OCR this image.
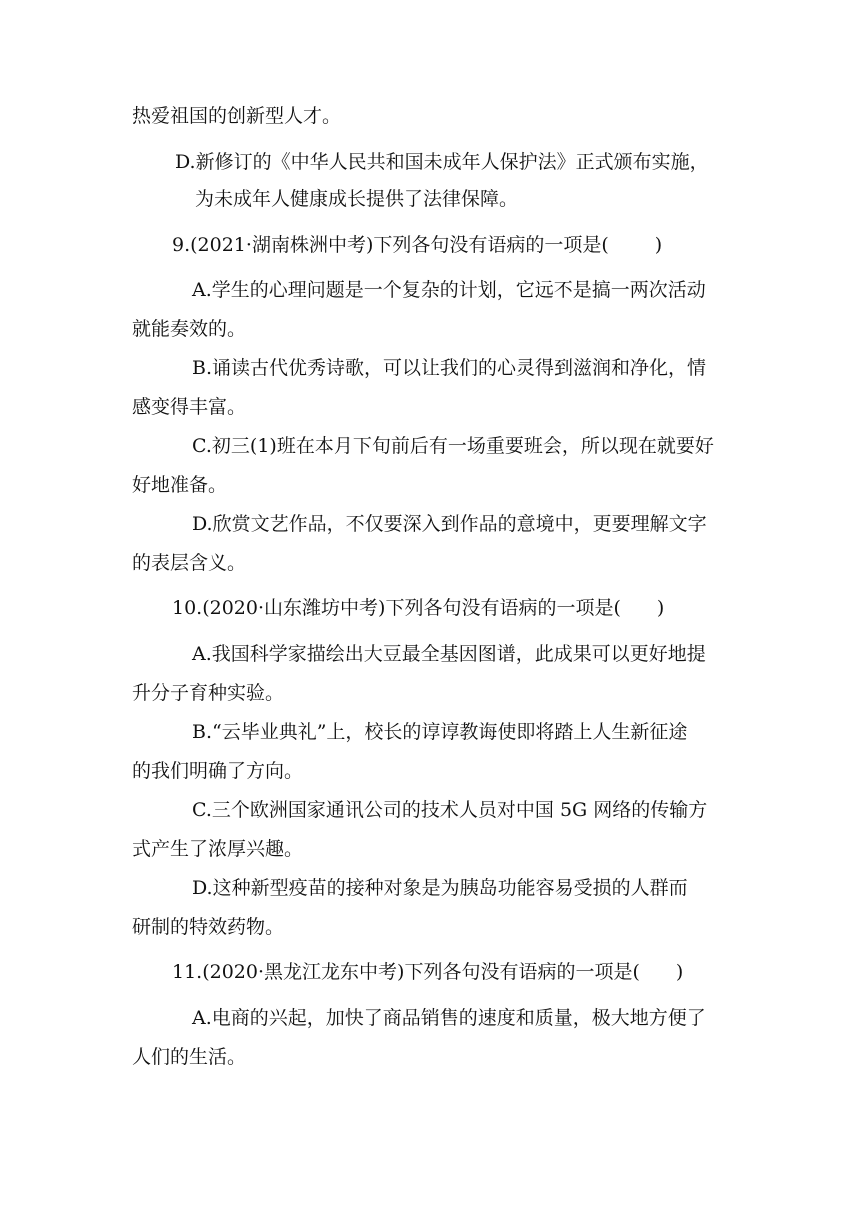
热爱祖国的创新型人才。
D.新修订的《中华人民共和国未成年人保护法》正式颁布实施，
为未成年人健康成长提供了法律保障。
9.(2021·湖南株洲中考)下列各句没有语病的一项是( )
A.学生的心理问题是一个复杂的计划，它远不是搞一两次活动
就能奏效的。
B.诵读古代优秀诗歌，可以让我们的心灵得到滋润和净化，情
感变得丰富。
C.初三(1)班在本月下旬前后有一场重要班会，所以现在就要好
好地准备。
D.欣赏文艺作品，不仅要深入到作品的意境中，更要理解文字
的表层含义。
10.(2020·山东潍坊中考)下列各句没有语病的一项是( )
A.我国科学家描绘出大豆最全基因图谱，此成果可以更好地提
升分子育种实验。
B.“云毕业典礼”上，校长的谆谆教诲使即将踏上人生新征途
的我们明确了方向。
C.三个欧洲国家通讯公司的技术人员对中国 5G 网络的传输方
式产生了浓厚兴趣。
D.这种新型疫苗的接种对象是为胰岛功能容易受损的人群而
研制的特效药物。
11.(2020·黑龙江龙东中考)下列各句没有语病的一项是( )
A.电商的兴起，加快了商品销售的速度和质量，极大地方便了
人们的生活。
